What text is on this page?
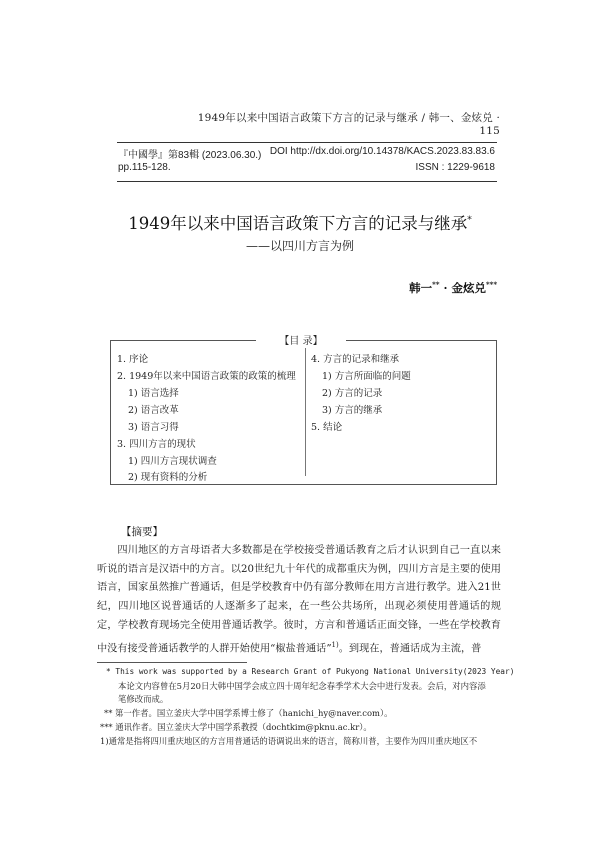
1949年以来中国语言政策下方言的记录与继承 / 韩一、金炫兑 · 115
『中國學』第83輯 (2023.06.30.) DOI http://dx.doi.org/10.14378/KACS.2023.83.83.6
pp.115-128.	ISSN : 1229-9618
1949年以来中国语言政策下方言的记录与继承*
——以四川方言为例
韩一** · 金炫兑***
【目 录】
1. 序论
2. 1949年以来中国语言政策的政策的梳理
1) 语言选择
2) 语言改革
3) 语言习得
3. 四川方言的现状
1) 四川方言现状调查
2) 现有资料的分析
4. 方言的记录和继承
1) 方言所面临的问题
2) 方言的记录
3) 方言的继承
5. 结论
【摘要】

四川地区的方言母语者大多数都是在学校接受普通话教育之后才认识到自己一直以来听说的语言是汉语中的方言。以20世纪九十年代的成都重庆为例，四川方言是主要的使用语言，国家虽然推广普通话，但是学校教育中仍有部分教师在用方言进行教学。进入21世纪，四川地区说普通话的人逐渐多了起来，在一些公共场所，出现必须使用普通话的规定，学校教育现场完全使用普通话教学。彼时，方言和普通话正面交锋，一些在学校教育中没有接受普通话教学的人群开始使用“椒盐普通话”$^{1)}$。到现在，普通话成为主流，普

* This work was supported by a Research Grant of Pukyong National University(2023 Year)
本论文内容曾在5月20日大韩中国学会成立四十周年纪念春季学术大会中进行发表。会后，对内容添
笔修改而成。
** 第一作者。国立釜庆大学中国学系博士修了（hanichi_hy@naver.com）。
*** 通讯作者。国立釜庆大学中国学系教授（dochtkim@pknu.ac.kr）。
1)通常是指将四川重庆地区的方言用普通话的语调说出来的语言，简称川普，主要作为四川重庆地区不
